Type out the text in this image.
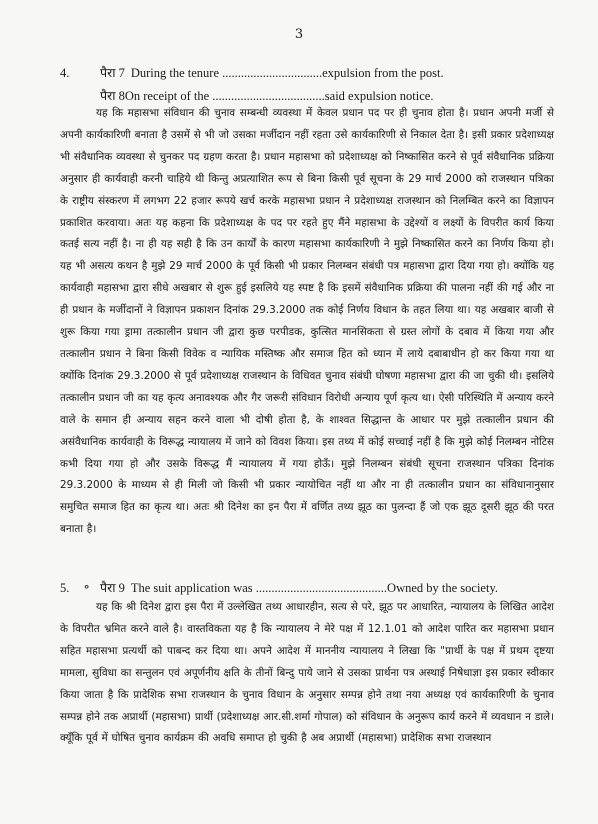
3
4. पैरा 7 During the tenure ................................expulsion from the post.
पैरा 8On receipt of the ....................................said expulsion notice.
यह कि महासभा संविधान की चुनाव सम्बन्धी व्यवस्था में केवल प्रधान पद पर ही चुनाव होता है। प्रधान अपनी मर्जी से अपनी कार्यकारिणी बनाता है उसमें से भी जो उसका मर्जीदान नहीं रहता उसे कार्यकारिणी से निकाल देता है। इसी प्रकार प्रदेशाध्यक्ष भी संवैधानिक व्यवस्था से चुनकर पद ग्रहण करता है। प्रधान महासभा को प्रदेशाध्यक्ष को निष्कासित करने से पूर्व संवैधानिक प्रक्रिया अनुसार ही कार्यवाही करनी चाहिये थी किन्तु अप्रत्याशित रूप से बिना किसी पूर्व सूचना के 29 मार्च 2000 को राजस्थान पत्रिका के राष्ट्रीय संस्करण में लगभग 22 हजार रूपये खर्च करके महासभा प्रधान ने प्रदेशाध्यक्ष राजस्थान को निलम्बित करने का विज्ञापन प्रकाशित करवाया। अतः यह कहना कि प्रदेशाध्यक्ष के पद पर रहते हुए मैंने महासभा के उद्देश्यों व लक्ष्यों के विपरीत कार्य किया कतई सत्य नहीं है। ना ही यह सही है कि उन कार्यों के कारण महासभा कार्यकारिणी ने मुझे निष्कासित करने का निर्णय किया हो। यह भी असत्य कथन है मुझे 29 मार्च 2000 के पूर्व किसी भी प्रकार निलम्बन संबंधी पत्र महासभा द्वारा दिया गया हो। क्योंकि यह कार्यवाही महासभा द्वारा सीधे अखबार से शुरू हुई इसलिये यह स्पष्ट है कि इसमें संवैधानिक प्रक्रिया की पालना नहीं की गई और ना ही प्रधान के मर्जीदानों ने विज्ञापन प्रकाशन दिनांक 29.3.2000 तक कोई निर्णय विधान के तहत लिया था। यह अखबार बाजी से शुरू किया गया ड्रामा तत्कालीन प्रधान जी द्वारा कुछ परपीडक, कुत्सित मानसिकता से ग्रस्त लोगों के दबाव में किया गया और तत्कालीन प्रधान ने बिना किसी विवेक व न्यायिक मस्तिष्क और समाज हित को ध्यान में लाये दबाबाधीन हो कर किया गया था क्योंकि दिनांक 29.3.2000 से पूर्व प्रदेशाध्यक्ष राजस्थान के विधिवत चुनाव संबंधी घोषणा महासभा द्वारा की जा चुकी थी। इसलिये तत्कालीन प्रधान जी का यह कृत्य अनावश्यक और गैर जरूरी संविधान विरोधी अन्याय पूर्ण कृत्य था। ऐसी परिस्थिति में अन्याय करने वाले के समान ही अन्याय सहन करने वाला भी दोषी होता है, के शाश्वत सिद्धान्त के आधार पर मुझे तत्कालीन प्रधान की असंवैधानिक कार्यवाही के विरूद्ध न्यायालय में जाने को विवश किया। इस तथ्य में कोई सच्चाई नहीं है कि मुझे कोई निलम्बन नोटिस कभी दिया गया हो और उसके विरूद्ध मैं न्यायालय में गया होऊँ। मुझे निलम्बन संबंधी सूचना राजस्थान पत्रिका दिनांक 29.3.2000 के माध्यम से ही मिली जो किसी भी प्रकार न्यायोचित नहीं था और ना ही तत्कालीन प्रधान का संविधानानुसार समुचित समाज हित का कृत्य था। अतः श्री दिनेश का इन पैरा में वर्णित तथ्य झूठ का पुलन्दा हैं जो एक झूठ दूसरी झूठ की परत बनाता है।
5. ॰ पैरा 9 The suit application was ..........................................Owned by the society.
यह कि श्री दिनेश द्वारा इस पैरा में उल्लेखित तथ्य आधारहीन, सत्य से परे, झूठ पर आधारित, न्यायालय के लिखित आदेश के विपरीत भ्रमित करने वाले है। वास्तविकता यह है कि न्यायालय ने मेरे पक्ष में 12.1.01 को आदेश पारित कर महासभा प्रधान सहित महासभा प्रत्यर्थी को पाबन्द कर दिया था। अपने आदेश में माननीय न्यायालय ने लिखा कि "प्रार्थी के पक्ष में प्रथम दृष्टया मामला, सुविधा का सन्तुलन एवं अपूर्णनीय क्षति के तीनों बिन्दु पाये जाने से उसका प्रार्थना पत्र अस्थाई निषेधाज्ञा इस प्रकार स्वीकार किया जाता है कि प्रादेशिक सभा राजस्थान के चुनाव विधान के अनुसार सम्पन्न होने तथा नया अध्यक्ष एवं कार्यकारिणी के चुनाव सम्पन्न होने तक अप्रार्थी (महासभा) प्रार्थी (प्रदेशाध्यक्ष आर.सी.शर्मा गोपाल) को संविधान के अनुरूप कार्य करने में व्यवधान न डाले। क्यूँकि पूर्व में घोषित चुनाव कार्यक्रम की अवधि समाप्त हो चुकी है अब अप्रार्थी (महासभा) प्रादेशिक सभा राजस्थान
